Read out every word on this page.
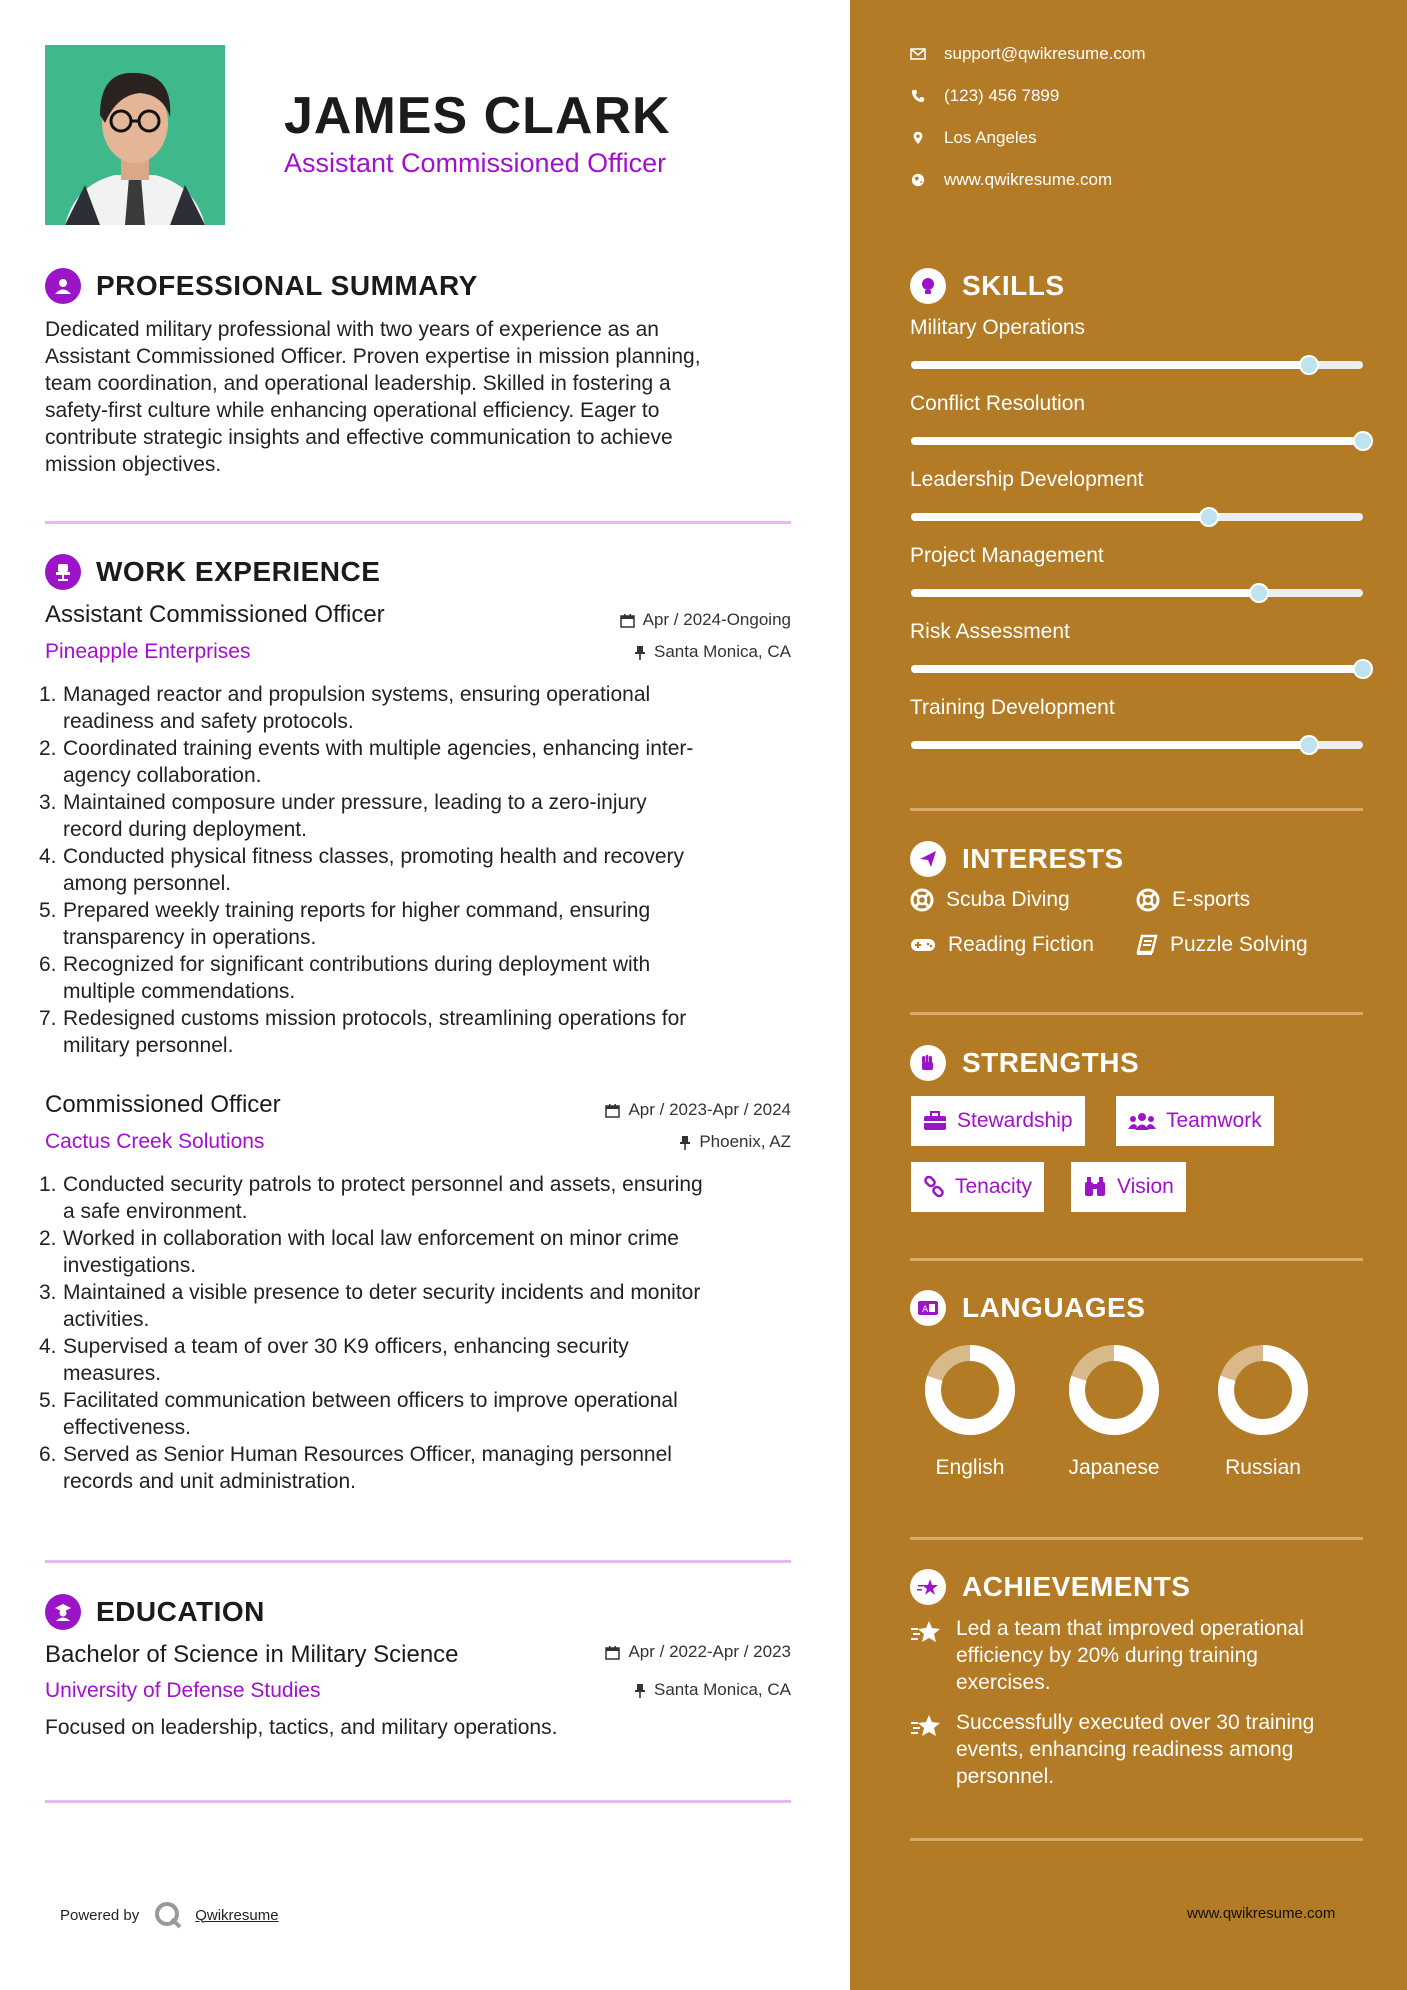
JAMES CLARK
Assistant Commissioned Officer
PROFESSIONAL SUMMARY
Dedicated military professional with two years of experience as an
Assistant Commissioned Officer. Proven expertise in mission planning,
team coordination, and operational leadership. Skilled in fostering a
safety-first culture while enhancing operational efficiency. Eager to
contribute strategic insights and effective communication to achieve
mission objectives.
WORK EXPERIENCE
Assistant Commissioned Officer	Apr / 2024-Ongoing
Pineapple Enterprises	Santa Monica, CA
1. Managed reactor and propulsion systems, ensuring operational
readiness and safety protocols.
2. Coordinated training events with multiple agencies, enhancing inter-
agency collaboration.
3. Maintained composure under pressure, leading to a zero-injury
record during deployment.
4. Conducted physical fitness classes, promoting health and recovery
among personnel.
5. Prepared weekly training reports for higher command, ensuring
transparency in operations.
6. Recognized for significant contributions during deployment with
multiple commendations.
7. Redesigned customs mission protocols, streamlining operations for
military personnel.
Commissioned Officer	Apr / 2023-Apr / 2024
Cactus Creek Solutions	Phoenix, AZ
1. Conducted security patrols to protect personnel and assets, ensuring
a safe environment.
2. Worked in collaboration with local law enforcement on minor crime
investigations.
3. Maintained a visible presence to deter security incidents and monitor
activities.
4. Supervised a team of over 30 K9 officers, enhancing security
measures.
5. Facilitated communication between officers to improve operational
effectiveness.
6. Served as Senior Human Resources Officer, managing personnel
records and unit administration.
EDUCATION
Bachelor of Science in Military Science	Apr / 2022-Apr / 2023
University of Defense Studies	Santa Monica, CA
Focused on leadership, tactics, and military operations.
Powered by	Qwikresume
support@qwikresume.com
(123) 456 7899
Los Angeles
www.qwikresume.com
SKILLS
Military Operations
Conflict Resolution
Leadership Development
Project Management
Risk Assessment
Training Development
INTERESTS
Scuba Diving	E-sports
Reading Fiction	Puzzle Solving
STRENGTHS
Stewardship	Teamwork
Tenacity	Vision
A LANGUAGES
English	Japanese	Russian
ACHIEVEMENTS
Led a team that improved operational
efficiency by 20% during training
exercises.
Successfully executed over 30 training
events, enhancing readiness among
personnel.
www.qwikresume.com
